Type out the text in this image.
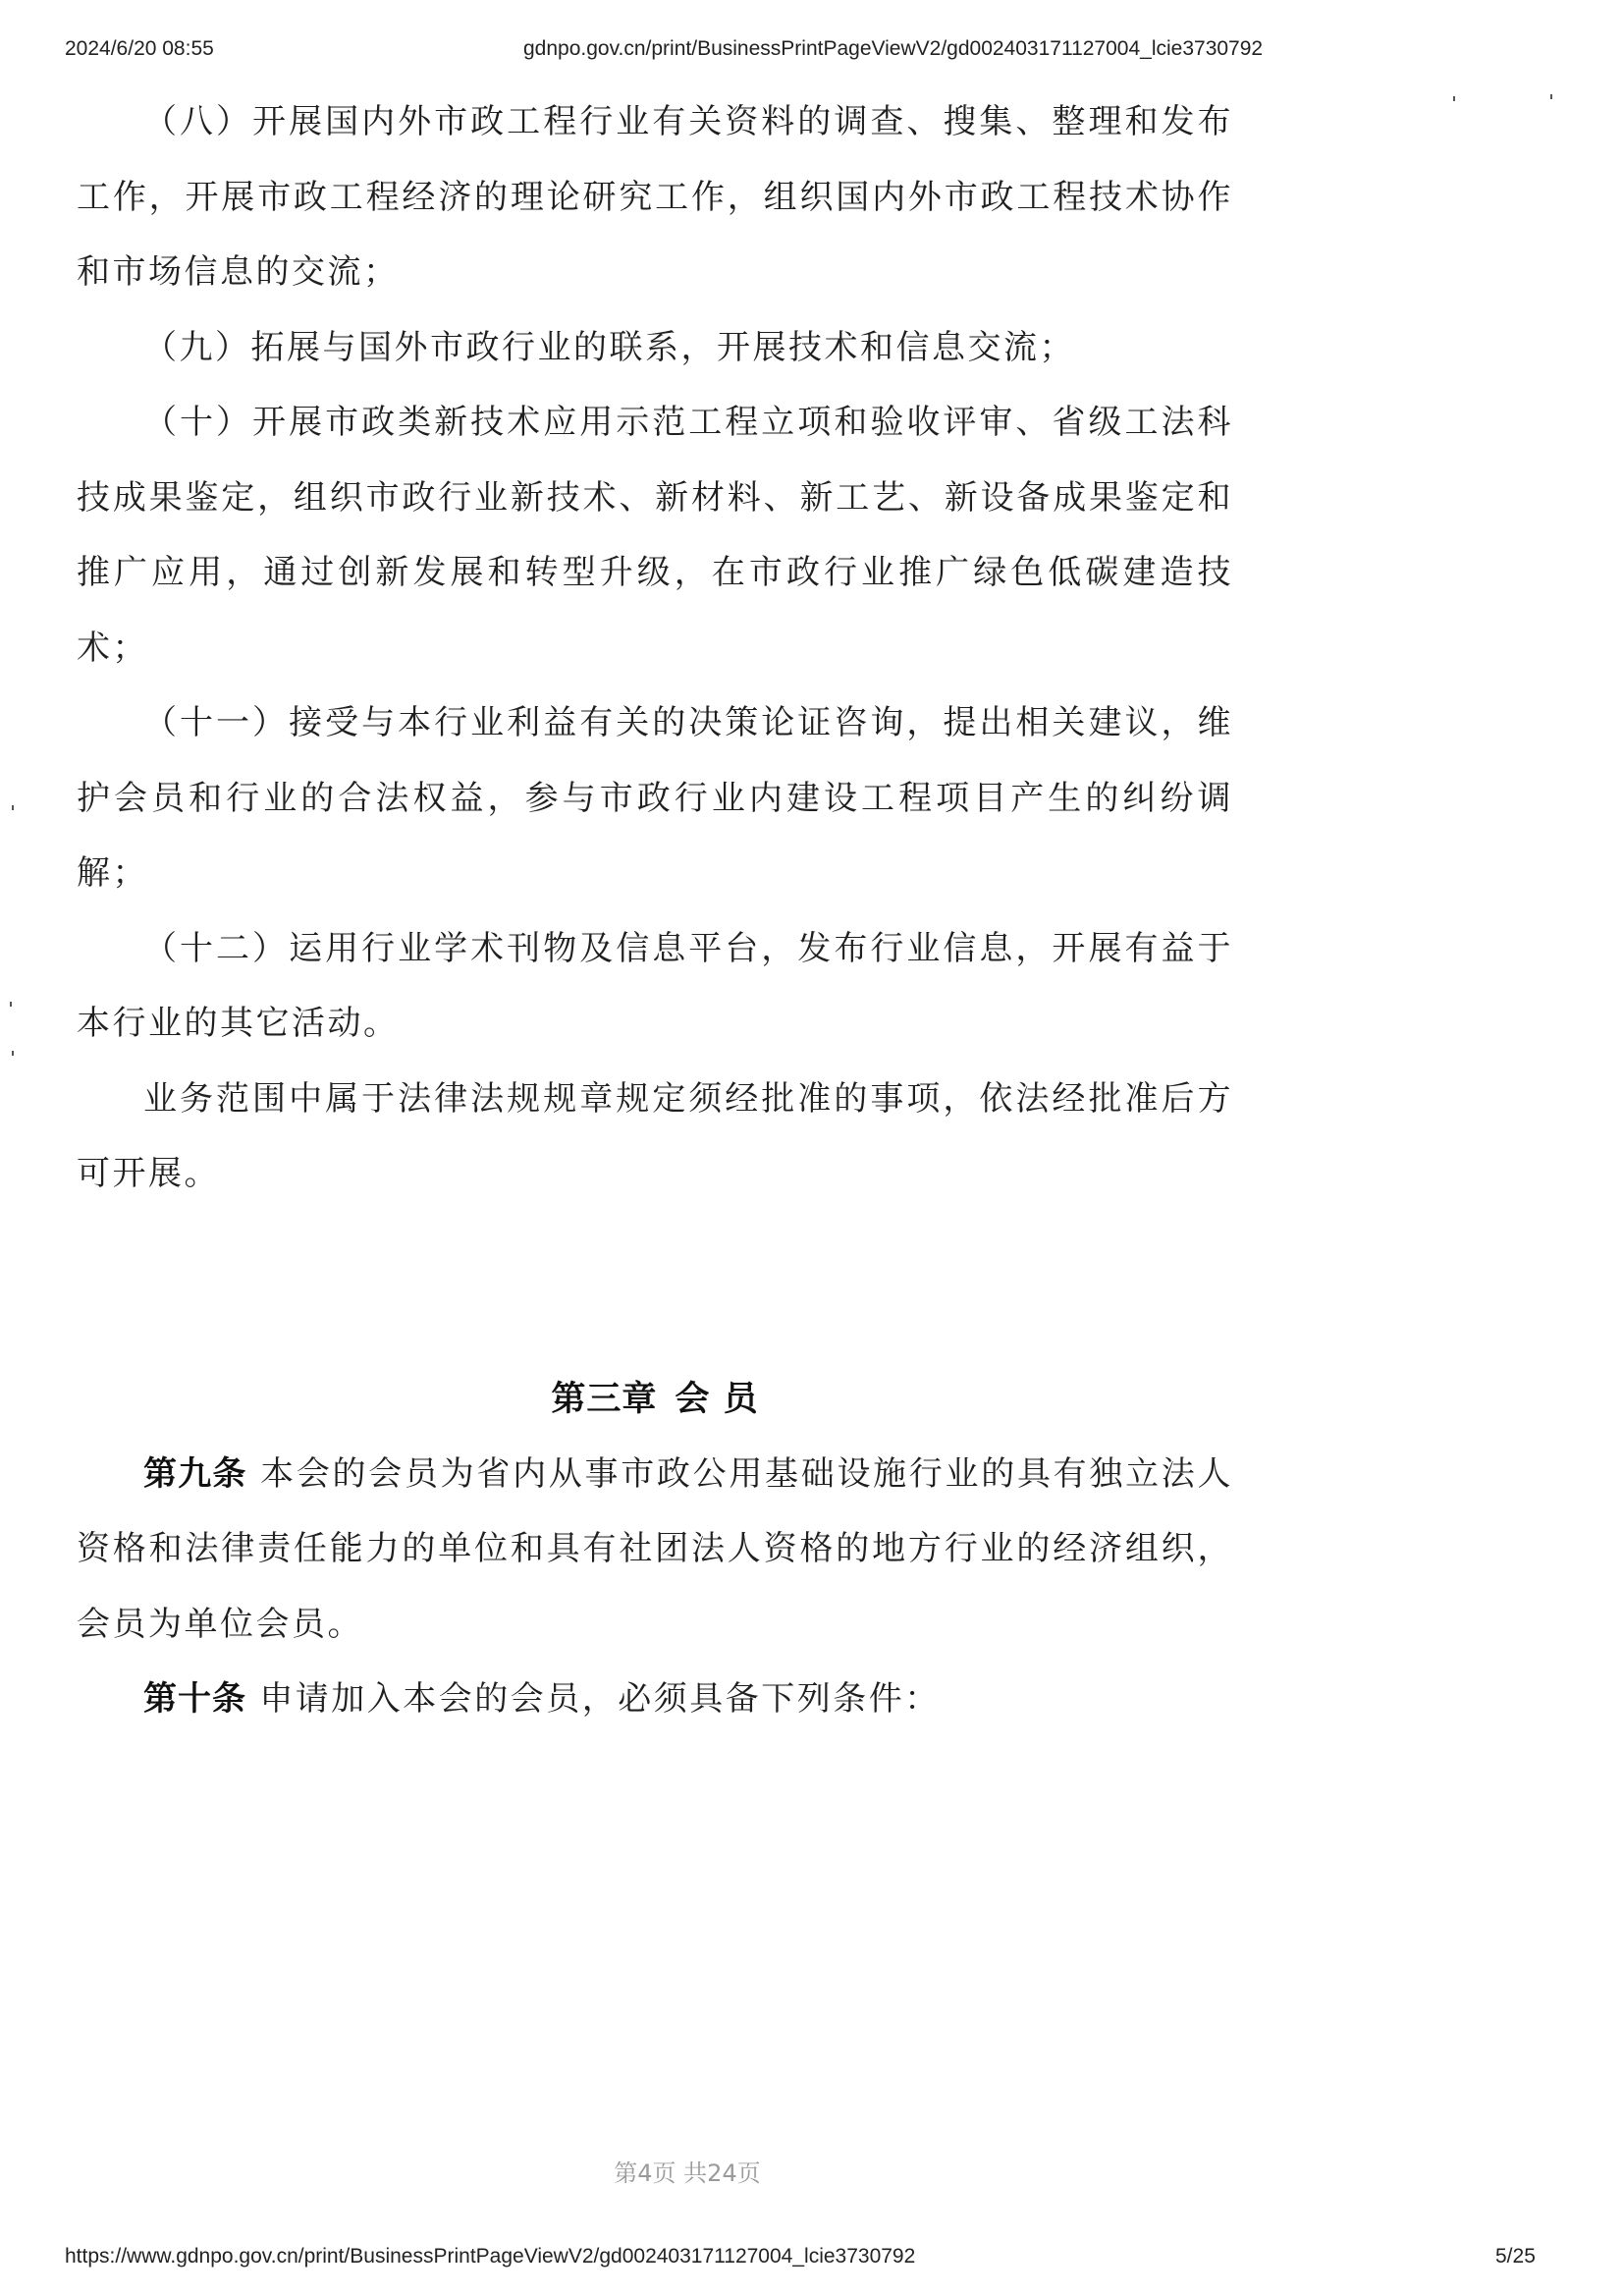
2024/6/20 08:55	gdnpo.gov.cn/print/BusinessPrintPageViewV2/gd002403171127004_lcie3730792

（八）开展国内外市政工程行业有关资料的调查、搜集、整理和发布工作，开展市政工程经济的理论研究工作，组织国内外市政工程技术协作和市场信息的交流；

（九）拓展与国外市政行业的联系，开展技术和信息交流；

（十）开展市政类新技术应用示范工程立项和验收评审、省级工法科技成果鉴定，组织市政行业新技术、新材料、新工艺、新设备成果鉴定和推广应用，通过创新发展和转型升级，在市政行业推广绿色低碳建造技术；

（十一）接受与本行业利益有关的决策论证咨询，提出相关建议，维护会员和行业的合法权益，参与市政行业内建设工程项目产生的纠纷调解；

（十二）运用行业学术刊物及信息平台，发布行业信息，开展有益于本行业的其它活动。

业务范围中属于法律法规规章规定须经批准的事项，依法经批准后方可开展。

第三章 会 员

第九条 本会的会员为省内从事市政公用基础设施行业的具有独立法人资格和法律责任能力的单位和具有社团法人资格的地方行业的经济组织，会员为单位会员。

第十条 申请加入本会的会员，必须具备下列条件：

第4页 共24页
https://www.gdnpo.gov.cn/print/BusinessPrintPageViewV2/gd002403171127004_lcie3730792	5/25
